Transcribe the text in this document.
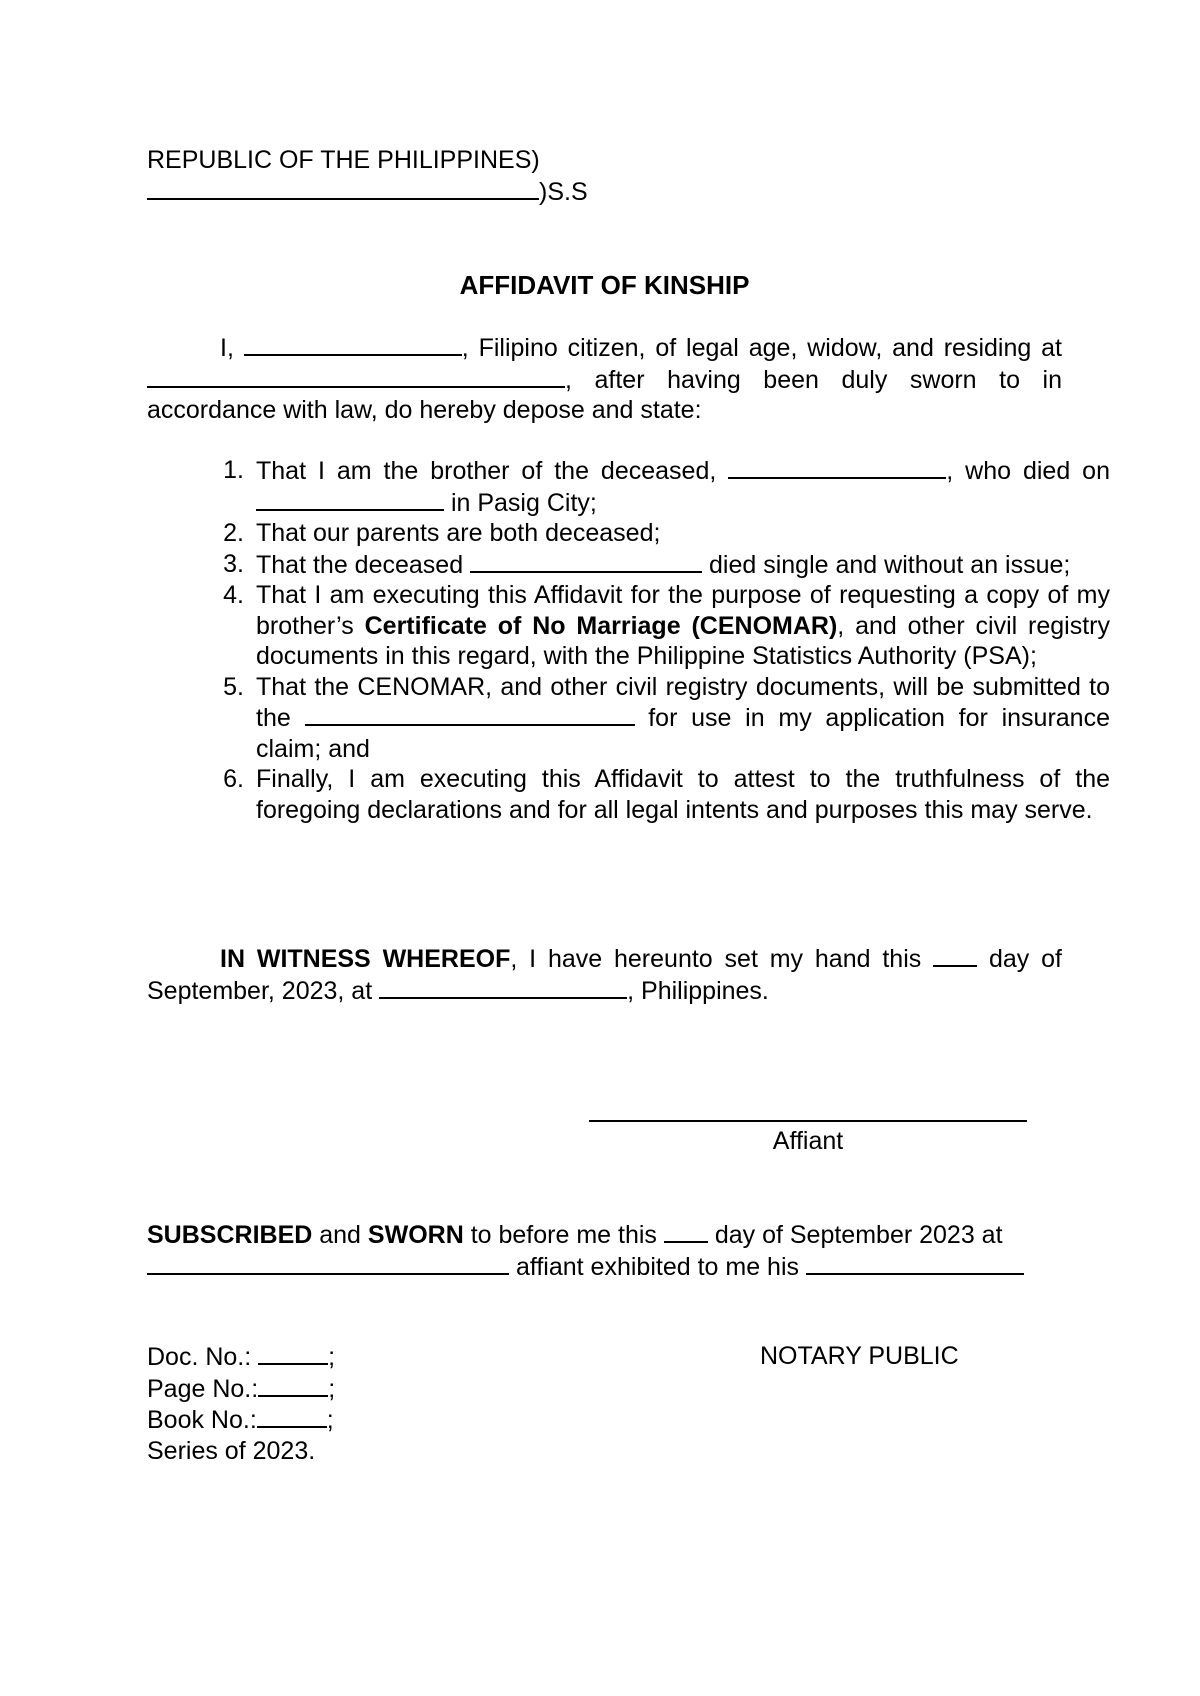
REPUBLIC OF THE PHILIPPINES)
)S.S
AFFIDAVIT OF KINSHIP
I,	, Filipino citizen, of legal age, widow, and residing at , after having been duly sworn to in accordance with law, do hereby depose and state:
1. That I am the brother of the deceased,	, who died on  in Pasig City;
2. That our parents are both deceased;
3. That the deceased	died single and without an issue;
4. That I am executing this Affidavit for the purpose of requesting a copy of my brother’s Certificate of No Marriage (CENOMAR), and other civil registry documents in this regard, with the Philippine Statistics Authority (PSA);
5. That the CENOMAR, and other civil registry documents, will be submitted to the	for use in my application for insurance claim; and
6. Finally, I am executing this Affidavit to attest to the truthfulness of the foregoing declarations and for all legal intents and purposes this may serve.
IN WITNESS WHEREOF, I have hereunto set my hand this	day of September, 2023, at	, Philippines.
Affiant
SUBSCRIBED and SWORN to before me this day of September 2023 at
affiant exhibited to me his
Doc. No.:	;
Page No.:	;
Book No.:	;
Series of 2023.
NOTARY PUBLIC
